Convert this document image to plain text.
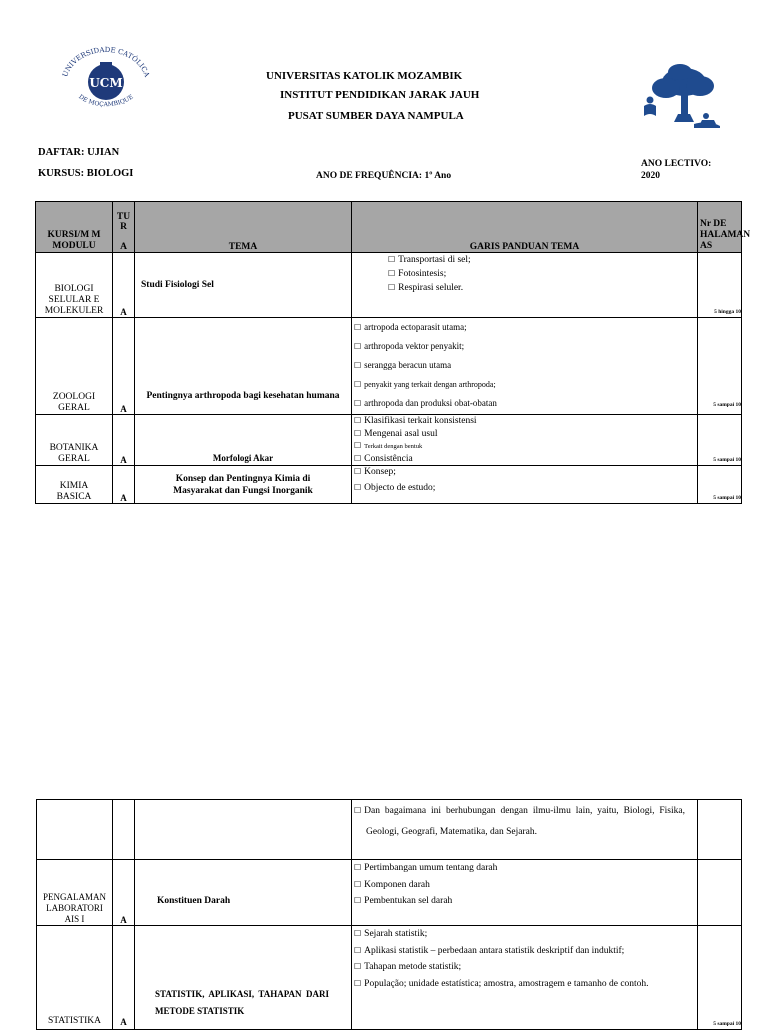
UNIVERSIDADE CATÓLICA
DE MOÇAMBIQUE
UCM	UNIVERSITAS KATOLIK MOZAMBIK
INSTITUT PENDIDIKAN JARAK JAUH
PUSAT SUMBER DAYA NAMPULA
DAFTAR: UJIAN
KURSUS: BIOLOGI	ANO DE FREQUÊNCIA: 1º Ano
ANO LECTIVO:
2020
KURSI/M M
MODULU	TU
R

A	TEMA	GARIS PANDUAN TEMA	Nr DE
HALAMAN
AS
BIOLOGI
SELULAR E
MOLEKULER	A	Studi Fisiologi Sel	☐ Transportasi di sel;
☐ Fotosintesis;
☐ Respirasi seluler.	5 hingga 10
ZOOLOGI
GERAL	A	Pentingnya arthropoda bagi kesehatan humana	☐ artropoda ectoparasit utama;
☐ arthropoda vektor penyakit;
☐ serangga beracun utama
☐ penyakit yang terkait dengan arthropoda;
☐ arthropoda dan produksi obat-obatan	5 sampai 10
BOTANIKA
GERAL	A	Morfologi Akar	☐ Klasifikasi terkait konsistensi
☐ Mengenai asal usul
☐ Terkait dengan bentuk
☐ Consistência	5 sampai 10
KIMIA
BASICA	A	Konsep dan Pentingnya Kimia di Masyarakat dan Fungsi Inorganik	☐ Konsep;
☐ Objecto de estudo;	5 sampai 10

			☐ Dan bagaimana ini berhubungan dengan ilmu-ilmu lain, yaitu, Biologi, Fisika, Geologi, Geografi, Matematika, dan Sejarah.

PENGALAMAN
LABORATORI
AIS I	A	Konstituen Darah	☐ Pertimbangan umum tentang darah
☐ Komponen darah
☐ Pembentukan sel darah

STATISTIKA	A	STATISTIK, APLIKASI, TAHAPAN DARI METODE STATISTIK	☐ Sejarah statistik;
☐ Aplikasi statistik – perbedaan antara statistik deskriptif dan induktif;
☐ Tahapan metode statistik;
☐ População; unidade estatística; amostra, amostragem e tamanho de contoh.	5 sampai 10
